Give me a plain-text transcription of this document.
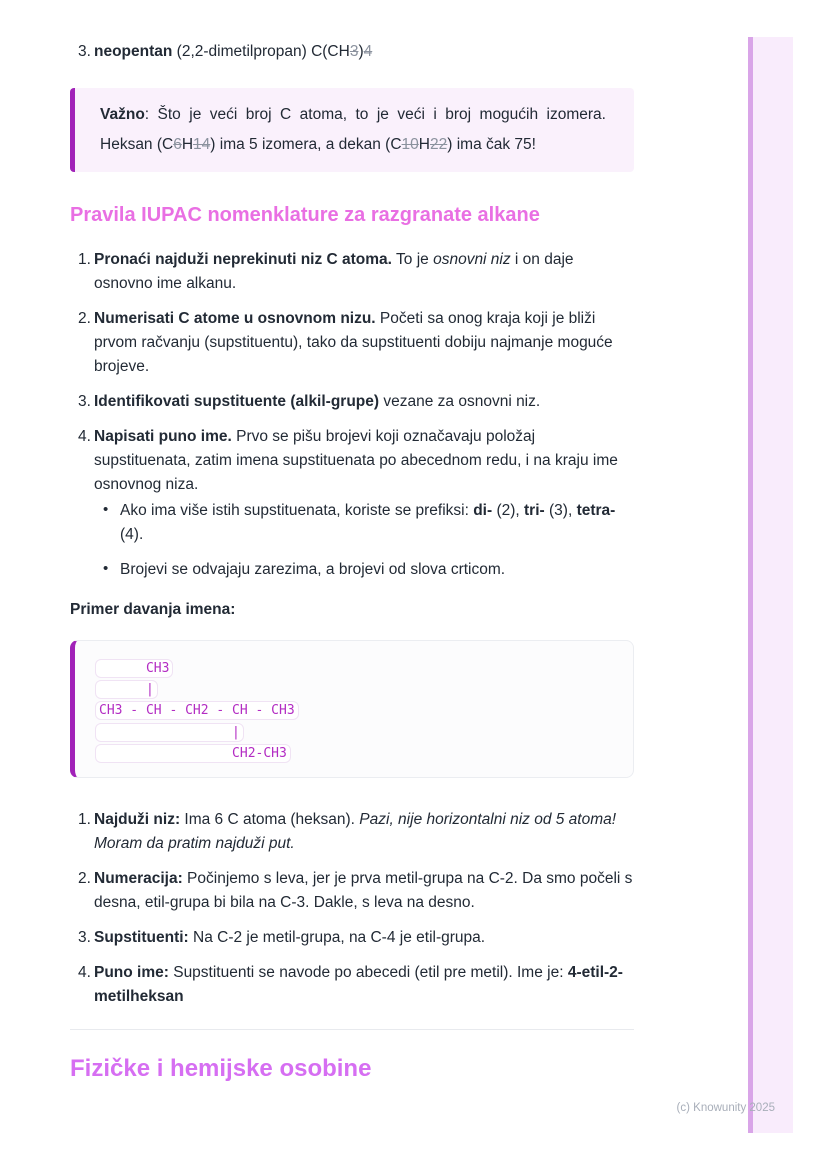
3. neopentan (2,2-dimetilpropan) C(CH3)4
Važno: Što je veći broj C atoma, to je veći i broj mogućih izomera. Heksan (C6H14) ima 5 izomera, a dekan (C10H22) ima čak 75!
Pravila IUPAC nomenklature za razgranate alkane
1. Pronaći najduži neprekinuti niz C atoma. To je osnovni niz i on daje osnovno ime alkanu.
2. Numerisati C atome u osnovnom nizu. Početi sa onog kraja koji je bliži prvom račvanju (supstituentu), tako da supstituenti dobiju najmanje moguće brojeve.
3. Identifikovati supstituente (alkil-grupe) vezane za osnovni niz.
4. Napisati puno ime. Prvo se pišu brojevi koji označavaju položaj supstituenata, zatim imena supstituenata po abecednom redu, i na kraju ime osnovnog niza.
• Ako ima više istih supstituenata, koriste se prefiksi: di- (2), tri- (3), tetra- (4).
• Brojevi se odvajaju zarezima, a brojevi od slova crticom.
Primer davanja imena:
CH3
|
CH3 - CH - CH2 - CH - CH3
|
CH2-CH3
1. Najduži niz: Ima 6 C atoma (heksan). Pazi, nije horizontalni niz od 5 atoma! Moram da pratim najduži put.
2. Numeracija: Počinjemo s leva, jer je prva metil-grupa na C-2. Da smo počeli s desna, etil-grupa bi bila na C-3. Dakle, s leva na desno.
3. Supstituenti: Na C-2 je metil-grupa, na C-4 je etil-grupa.
4. Puno ime: Supstituenti se navode po abecedi (etil pre metil). Ime je: 4-etil-2-metilheksan
Fizičke i hemijske osobine
(c) Knowunity 2025
